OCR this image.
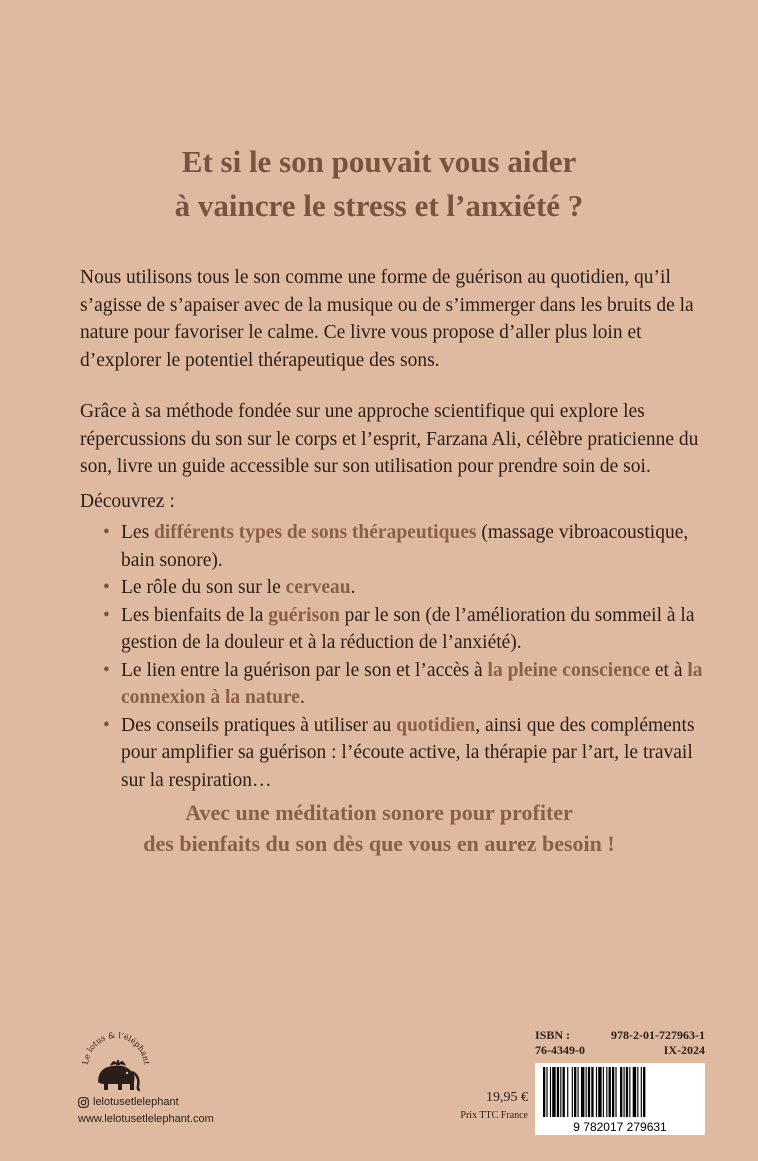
Et si le son pouvait vous aider
à vaincre le stress et l’anxiété ?

Nous utilisons tous le son comme une forme de guérison au quotidien, qu’il s’agisse de s’apaiser avec de la musique ou de s’immerger dans les bruits de la nature pour favoriser le calme. Ce livre vous propose d’aller plus loin et d’explorer le potentiel thérapeutique des sons.

Grâce à sa méthode fondée sur une approche scientifique qui explore les répercussions du son sur le corps et l’esprit, Farzana Ali, célèbre praticienne du son, livre un guide accessible sur son utilisation pour prendre soin de soi.

Découvrez :

• Les différents types de sons thérapeutiques (massage vibroacoustique, bain sonore).
• Le rôle du son sur le cerveau.
• Les bienfaits de la guérison par le son (de l’amélioration du sommeil à la gestion de la douleur et à la réduction de l’anxiété).
• Le lien entre la guérison par le son et l’accès à la pleine conscience et à la connexion à la nature.
• Des conseils pratiques à utiliser au quotidien, ainsi que des compléments pour amplifier sa guérison : l’écoute active, la thérapie par l’art, le travail sur la respiration…
Avec une méditation sonore pour profiter
des bienfaits du son dès que vous en aurez besoin !
Le lotus & l’éléphant
lelotusetlelephant
www.lelotusetlelephant.com
19,95 €
Prix TTC France
ISBN :	978-2-01-727963-1
76-4349-0	IX-2024
9 782017 279631
